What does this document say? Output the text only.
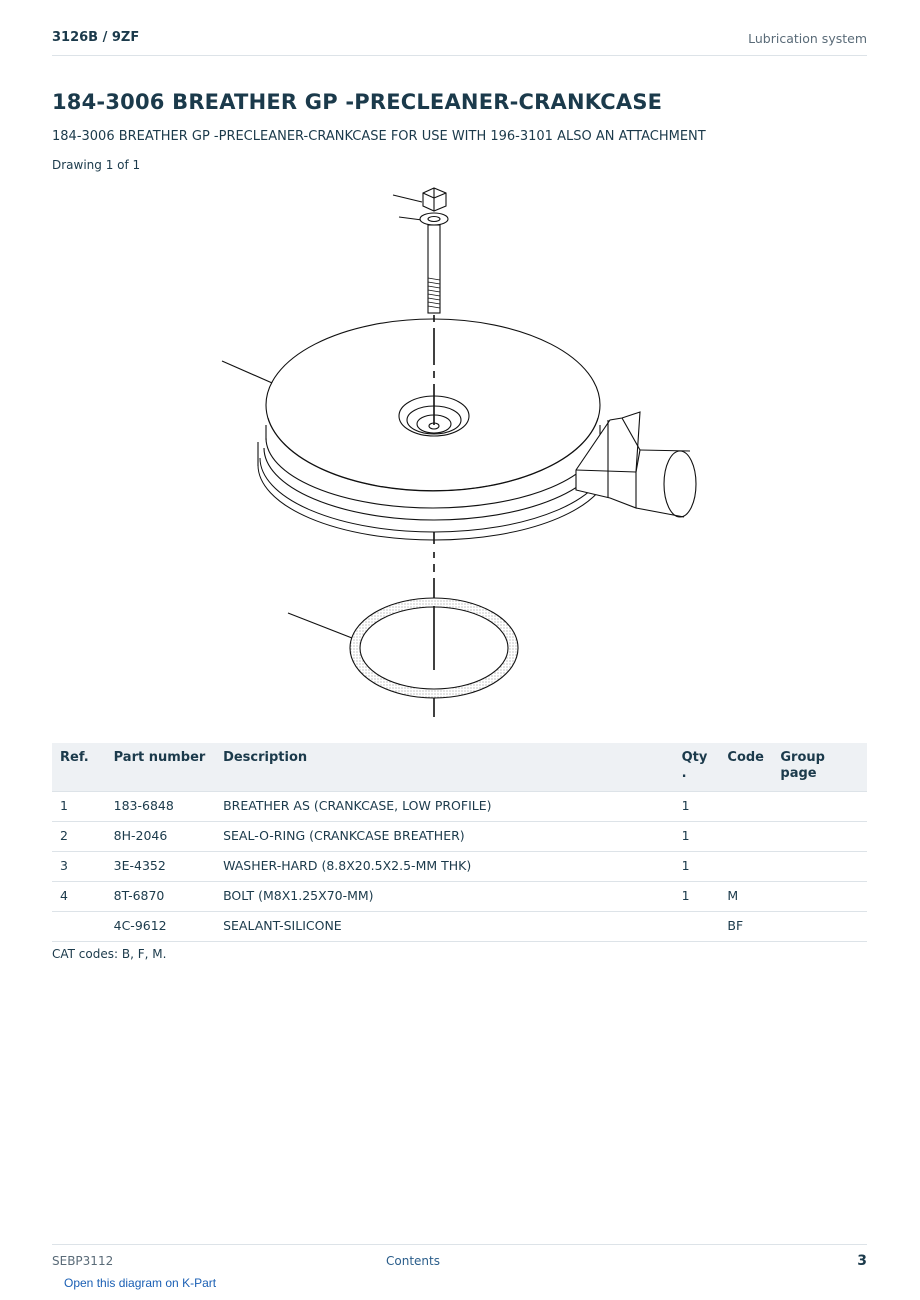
3126B / 9ZF	Lubrication system
184-3006 BREATHER GP -PRECLEANER-CRANKCASE
184-3006 BREATHER GP -PRECLEANER-CRANKCASE FOR USE WITH 196-3101 ALSO AN ATTACHMENT
Drawing 1 of 1
Ref.	Part number	Description	Qty .	Code	Group page
1	183-6848	BREATHER AS (CRANKCASE, LOW PROFILE)	1		
2	8H-2046	SEAL-O-RING (CRANKCASE BREATHER)	1		
3	3E-4352	WASHER-HARD (8.8X20.5X2.5-MM THK)	1		
4	8T-6870	BOLT (M8X1.25X70-MM)	1	M	
	4C-9612	SEALANT-SILICONE		BF	
CAT codes: B, F, M.
SEBP3112	Contents	3
Open this diagram on K-Part
